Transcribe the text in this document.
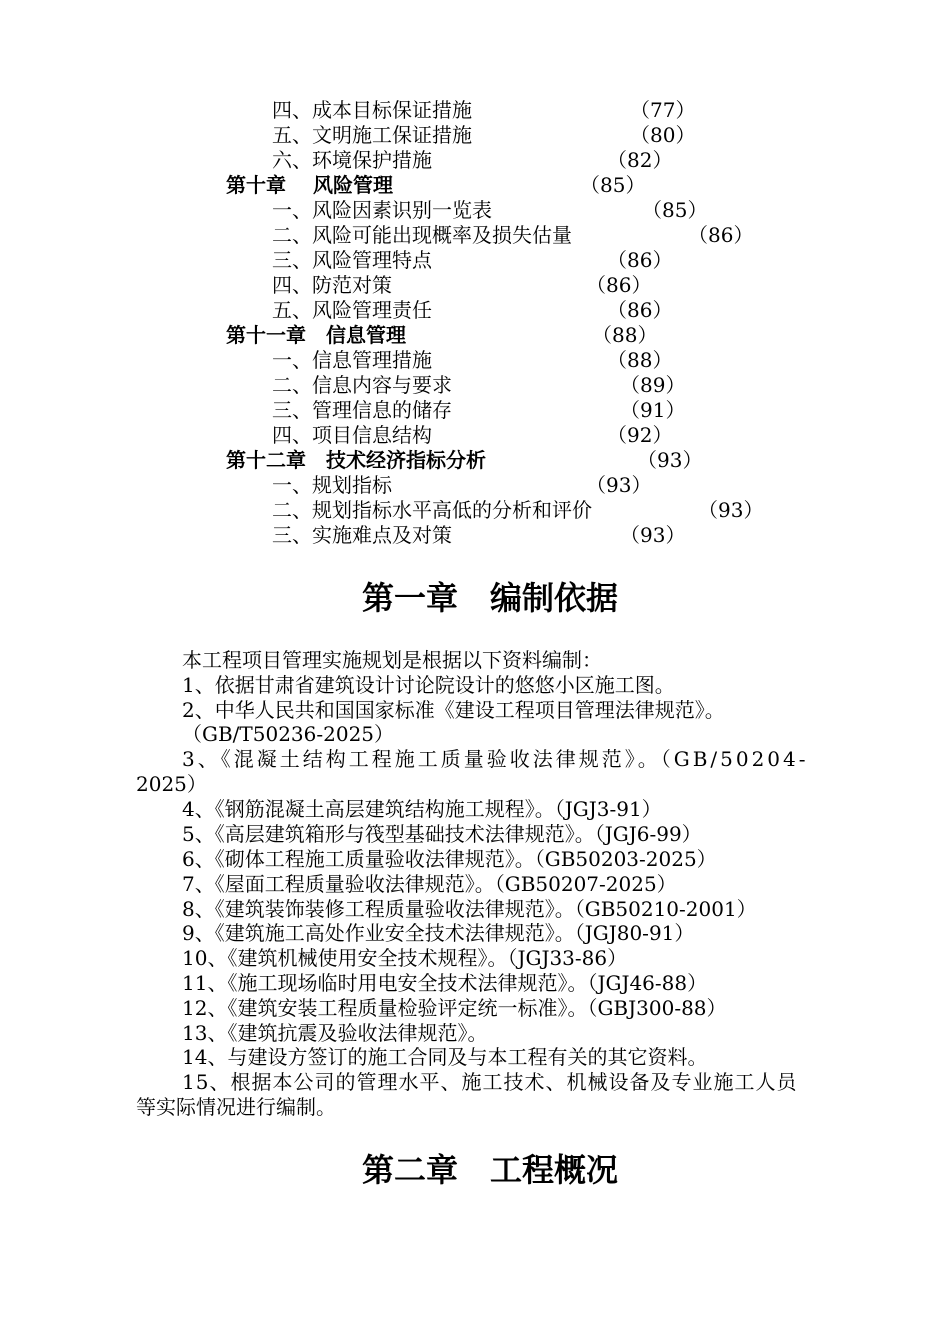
四、成本目标保证措施	（77）
五、文明施工保证措施	（80）
六、环境保护措施	（82）
第十章　 风险管理	（85）
一、风险因素识别一览表	（85）
二、风险可能出现概率及损失估量	（86）
三、风险管理特点	（86）
四、防范对策	（86）
五、风险管理责任	（86）
第十一章　信息管理	（88）
一、信息管理措施	（88）
二、信息内容与要求	（89）
三、管理信息的储存	（91）
四、项目信息结构	（92）
第十二章　技术经济指标分析	（93）
一、规划指标	（93）
二、规划指标水平高低的分析和评价	（93）
三、实施难点及对策	（93）
第一章　编制依据
本工程项目管理实施规划是根据以下资料编制：
1、依据甘肃省建筑设计讨论院设计的悠悠小区施工图。
2、中华人民共和国国家标准《建设工程项目管理法律规范》。
（GB/T50236-2025）
3、《混凝土结构工程施工质量验收法律规范》。（GB/50204-
2025）
4、《钢筋混凝土高层建筑结构施工规程》。（JGJ3-91）
5、《高层建筑箱形与筏型基础技术法律规范》。（JGJ6-99）
6、《砌体工程施工质量验收法律规范》。（GB50203-2025）
7、《屋面工程质量验收法律规范》。（GB50207-2025）
8、《建筑装饰装修工程质量验收法律规范》。（GB50210-2001）
9、《建筑施工高处作业安全技术法律规范》。（JGJ80-91）
10、《建筑机械使用安全技术规程》。（JGJ33-86）
11、《施工现场临时用电安全技术法律规范》。（JGJ46-88）
12、《建筑安装工程质量检验评定统一标准》。（GBJ300-88）
13、《建筑抗震及验收法律规范》。
14、与建设方签订的施工合同及与本工程有关的其它资料。
15、根据本公司的管理水平、施工技术、机械设备及专业施工人员
等实际情况进行编制。
第二章　工程概况
